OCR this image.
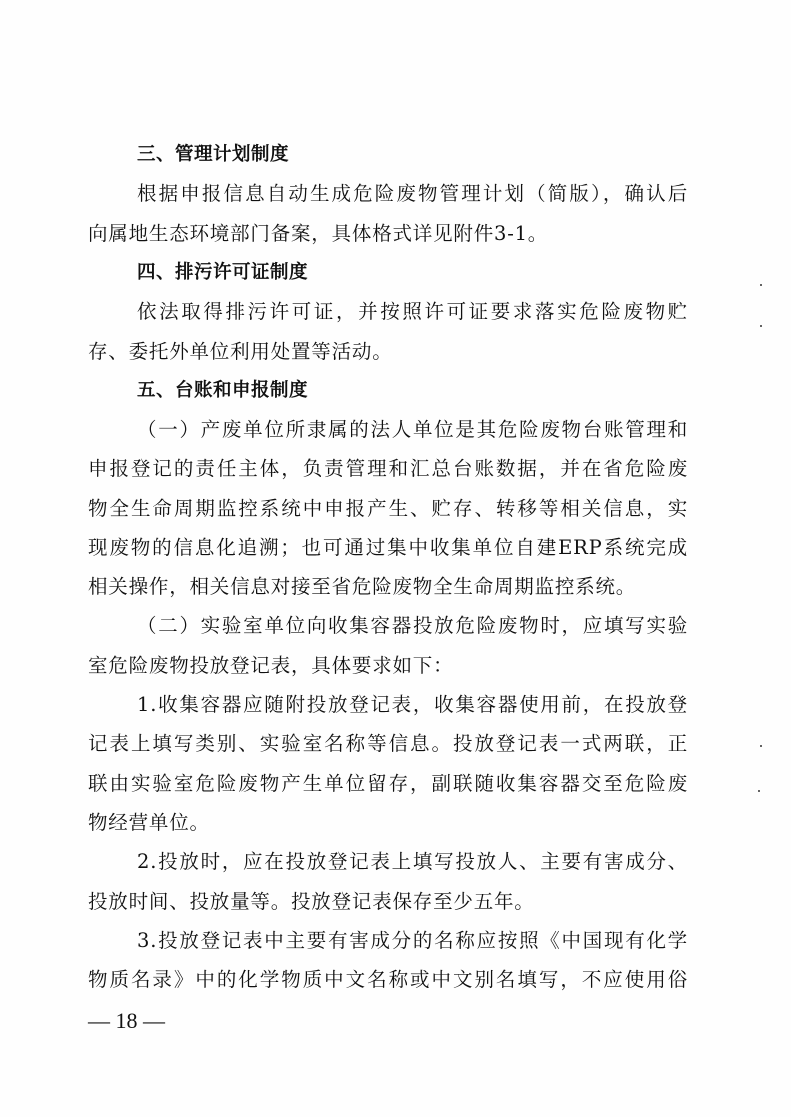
三、管理计划制度
根据申报信息自动生成危险废物管理计划（简版），确认后
向属地生态环境部门备案，具体格式详见附件3-1。
四、排污许可证制度
依法取得排污许可证，并按照许可证要求落实危险废物贮
存、委托外单位利用处置等活动。
五、台账和申报制度
（一）产废单位所隶属的法人单位是其危险废物台账管理和
申报登记的责任主体，负责管理和汇总台账数据，并在省危险废
物全生命周期监控系统中申报产生、贮存、转移等相关信息，实
现废物的信息化追溯；也可通过集中收集单位自建ERP系统完成
相关操作，相关信息对接至省危险废物全生命周期监控系统。
（二）实验室单位向收集容器投放危险废物时，应填写实验
室危险废物投放登记表，具体要求如下：
1.收集容器应随附投放登记表，收集容器使用前，在投放登
记表上填写类别、实验室名称等信息。投放登记表一式两联，正
联由实验室危险废物产生单位留存，副联随收集容器交至危险废
物经营单位。
2.投放时，应在投放登记表上填写投放人、主要有害成分、
投放时间、投放量等。投放登记表保存至少五年。
3.投放登记表中主要有害成分的名称应按照《中国现有化学
物质名录》中的化学物质中文名称或中文别名填写，不应使用俗
— 18 —
